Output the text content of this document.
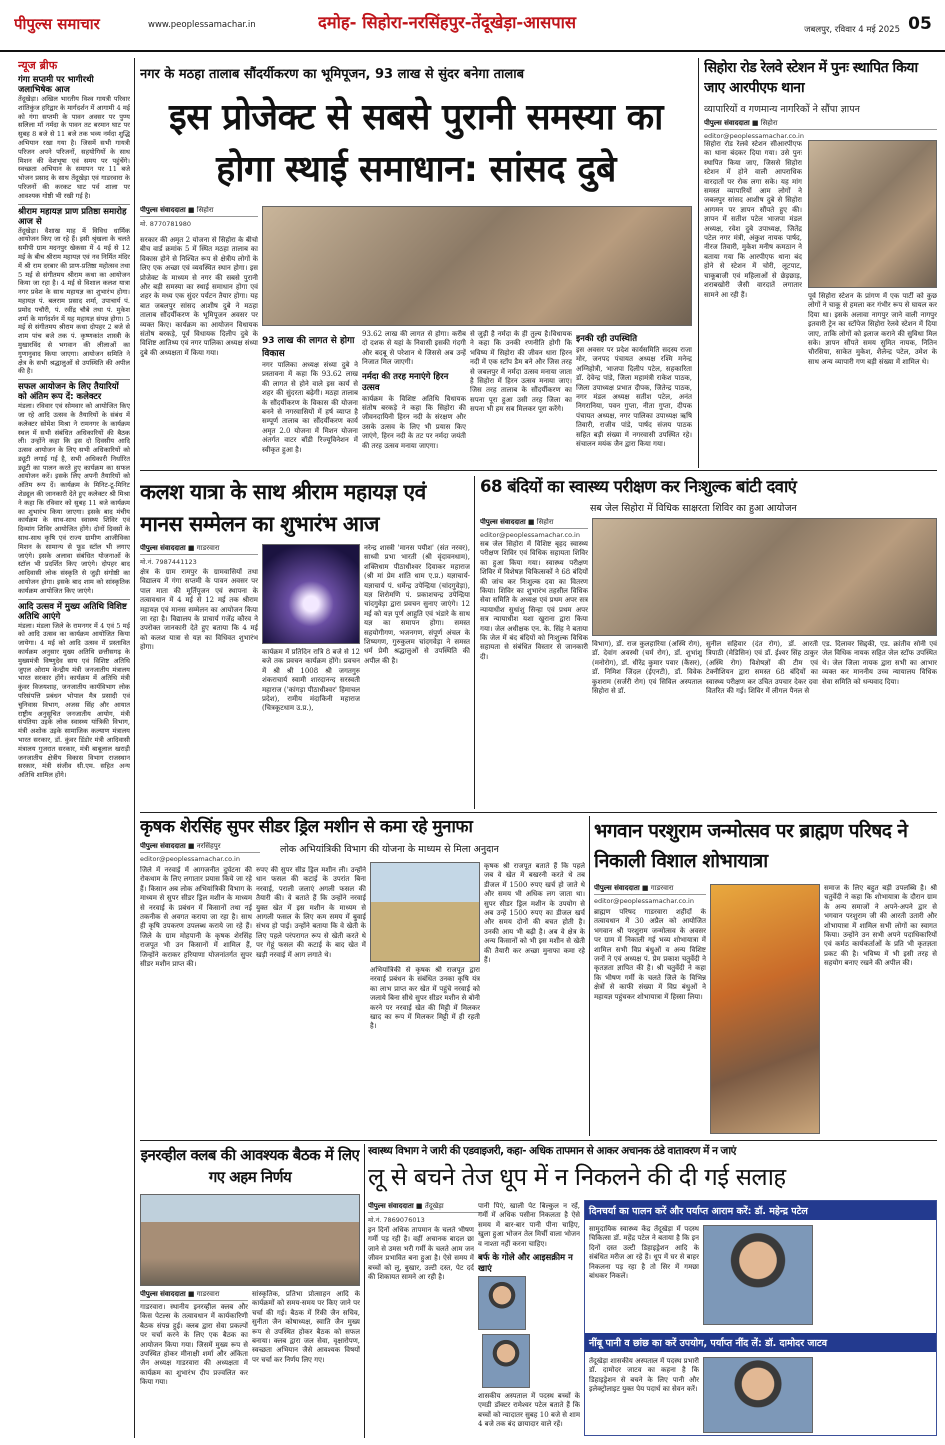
पीपुल्स समाचार	www.peoplessamachar.in	दमोह- सिहोरा-नरसिंहपुर-तेंदूखेड़ा-आसपास	जबलपुर, रविवार 4 मई 2025 05
न्यूज ब्रीफ
गंगा सप्तमी पर भागीरथी जलाभिषेक आज
तेंदूखेड़ा। अखिल भारतीय विश्व गायत्री परिवार शांतिकुंज हरिद्वार के मार्गदर्शन में आगामी 4 मई को गंगा सप्तमी के पावन अवसर पर पुण्य सलिला माँ नर्मदा के पावन तट बरमान घाट पर सुबह 8 बजे से 11 बजे तक भव्य नर्मदा शुद्धि अभियान रखा गया है। जिसमें सभी गायत्री परिजन अपने परिजनों, सहयोगियों के साथ मिशन की वेशभूषा एवं समय पर पहुंचेंगे। स्वच्छता अभियान के समापन पर 11 बजे भोजन प्रसाद के साथ तेंदूखेड़ा एवं गाडरवारा के परिजनों की करकट घाट पर्व शाला पर आवश्यक गोष्ठी भी रखी गई है।
श्रीराम महायज्ञ प्राण प्रतिष्ठा समारोह आज से
तेंदूखेड़ा। वैशाख माह में विविध धार्मिक आयोजन किए जा रहे हैं। इसी श्रृंखला के चलते समीपी ग्राम मदनपुर खेकसा में 4 मई से 12 मई के बीच श्रीराम महायज्ञ एवं नव निर्मित मंदिर में श्री राम दरबार की प्राण-प्रतिष्ठा महोत्सव तथा 5 मई से संगीतमय श्रीराम कथा का आयोजन किया जा रहा है। 4 मई से विशाल कलश यात्रा नगर प्रवेश के साथ महायज्ञ का शुभारंभ होगा। महायज्ञ पं. बलराम प्रसाद शर्मा, उपाचार्य पं. प्रमोद पचौरी, पं. रवींद्र चौबे तथा पं. मुकेश शर्मा के मार्गदर्शन में यह महायज्ञ संपन्न होगा। 5 मई से संगीतमय श्रीराम कथा दोपहर 2 बजे से शाम पांच बजे तक पं. कृष्णकांत शास्त्री के मुखारविंद से भगवान की लीलाओं का गुणानुवाद किया जाएगा। आयोजन समिति ने क्षेत्र के सभी श्रद्धालुओं से उपस्थिति की अपील की है।
सफल आयोजन के लिए तैयारियों को अंतिम रूप दें: कलेक्टर
मंडला। रविवार एवं सोमवार को आयोजित किए जा रहे आदि उत्सव के तैयारियों के संबंध में कलेक्टर सोमेश मिश्रा ने रामनगर के कार्यक्रम स्थल में सभी संबंधित अधिकारियों की बैठक ली। उन्होंने कहा कि इस दो दिवसीय आदि उत्सव आयोजन के लिए सभी अधिकारियों को ड्यूटी लगाई गई है, सभी अधिकारी निर्धारित ड्यूटी का पालन करते हुए कार्यक्रम का सफल आयोजन करें। इसके लिए अपनी तैयारियों को अंतिम रूप दें। कार्यक्रम के मिनिट-टू-मिनिट शेड्यूल की जानकारी देते हुए कलेक्टर श्री मिश्रा ने कहा कि रविवार को सुबह 11 बजे कार्यक्रम का शुभारंभ किया जाएगा। इसके बाद मंचीय कार्यक्रम के साथ-साथ स्वास्थ्य शिविर एवं दिव्यांग शिविर आयोजित होंगे। दोनों दिवसों के साथ-साथ कृषि एवं राज्य ग्रामीण आजीविका मिशन के सामान्य से फूड स्टॉल भी लगाए जाएंगे। इसके अलावा संबंधित योजनाओं के स्टॉल भी प्रदर्शित किए जाएंगे। दोपहर बाद आदिवासी लोक संस्कृति से जुड़ी संगोष्ठी का आयोजन होगा। इसके बाद शाम को सांस्कृतिक कार्यक्रम आयोजित किए जाएंगे।
आदि उत्सव में मुख्य अतिथि विशिष्ट अतिथि आएंगे
मंडला। मंडला जिले के रामनगर में 4 एवं 5 मई को आदि उत्सव का कार्यक्रम आयोजित किया जायेगा। 4 मई को आदि उत्सव में प्रस्तावित कार्यक्रम अनुसार मुख्य अतिथि छत्तीसगढ़ के मुख्यमंत्री विष्णुदेव साय एवं विशिष्ट अतिथि जुएल ओराम केन्द्रीय मंत्री जनजातीय मंत्रालय भारत सरकार होंगे। कार्यक्रम में अतिथि मंत्री कुंवर विजयशाह, जनजातीय कार्यविभाग लोक परिसंपत्ति प्रबंधन भोपाल मैत्र प्रसादी एवं चुनिवास विभाग, अजस सिंह और आयात राष्ट्रीय अनुसूचित जनजातीय आयोग, मंत्री संपतिया उइके लोक स्वास्थ्य यांत्रिकी विभाग, मंत्री अशोक उइके सामाजिक कल्याण मंत्रालय भारत सरकार, डॉ. कुंवर डिंडोर मंत्री आदिवासी मंत्रालय गुजरात सरकार, मंत्री बाबूलाल खराड़ी जनजातीय क्षेत्रीय विकास विभाग राजस्थान सरकार, मंत्री संजीव सी.एम. सहित अन्य अतिथि शामिल होंगे।
नगर के मठहा तालाब सौंदर्यीकरण का भूमिपूजन, 93 लाख से सुंदर बनेगा तालाब
इस प्रोजेक्ट से सबसे पुरानी समस्या का होगा स्थाई समाधान: सांसद दुबे
पीपुल्स संवाददाता ■ सिहोरा
मो. 8770781980
सरकार की अमृत 2 योजना से सिहोरा के बीचो बीच वार्ड क्रमांक 5 में स्थित मठहा तालाब का विकास होने से निश्चित रूप से क्षेत्रीय लोगों के लिए एक अच्छा एवं व्यवस्थित स्थान होगा। इस प्रोजेक्ट के माध्यम से नगर की सबसे पुरानी और बड़ी समस्या का स्थाई समाधान होगा एवं शहर के मध्य एक सुंदर पर्यटन तैयार होगा। यह बात जबलपुर सांसद आशीष दुबे ने मठहा तालाब सौंदर्यीकरण के भूमिपूजन अवसर पर व्यक्त किए। कार्यक्रम का आयोजन विधायक संतोष बरकड़े, पूर्व विधायक दिलीप दुबे के विशिष्ट आतिथ्य एवं नगर पालिका अध्यक्ष संध्या दुबे की अध्यक्षता में किया गया।
93 लाख की लागत से होगा विकास
नगर पालिका अध्यक्ष संध्या दुबे ने प्रस्तावना में कहा कि 93.62 लाख की लागत से होने वाले इस कार्य से शहर की सुंदरता बढ़ेगी। मठहा तालाब के सौंदर्यीकरण के विकास की योजना बनने से नगरवासियों में हर्ष व्याप्त है सम्पूर्ण तालाब का सौंदर्यीकरण कार्य अमृत 2.0 योजना में मिशन योजना अंतर्गत वाटर बॉडी रिज्यूविनेशन में स्वीकृत हुआ है।
93.62 लाख की लागत से होगा। करीब दो दशक से यहां के निवासी इसकी गंदगी और बदबू से परेशान थे जिससे अब उन्हें निजात मिल जाएगी।
नर्मदा की तरह मनाएंगे हिरन उत्सव
कार्यक्रम के विशिष्ट अतिथि विधायक संतोष बरकड़े ने कहा कि सिहोरा की जीवनदायिनी हिरन नदी के संरक्षण और उसके उत्सव के लिए भी प्रयास किए जाएंगे, हिरन नदी के तट पर नर्मदा जयंती की तरह उत्सव मनाया जाएगा।
से जुड़ी है नर्मदा के ही तुल्य है।विधायक ने कहा कि उनकी रणनीति होगी कि भविष्य में सिहोरा की जीवन धारा हिरन नदी में एक स्टॉप डैम बने और जिस तरह से जबलपुर में नर्मदा उत्सव मनाया जाता है सिहोरा में हिरन उत्सव मनाया जाए। जिस तरह तालाब के सौंदर्यीकरण का सपना पूरा हुआ उसी तरह जिला का सपना भी हम सब मिलकर पूरा करेंगे।
इनकी रही उपस्थिति
इस अवसर पर प्रदेश कार्यसमिति सदस्य राजा मोर, जनपद पंचायत अध्यक्ष रश्मि मनेन्द्र अग्निहोत्री, भाजपा दिलीप पटेल, सहकारिता डॉ. देवेन्द्र पांडे, जिला महामंत्री राकेश पाठक, जिला उपाध्यक्ष प्रभात दीपक, जितेन्द्र पाठक, नगर मंडल अध्यक्ष सतीश पटेल, अनंत निगरानिया, पवन गुप्ता, नीता गुप्ता, दीपक पंचायत अध्यक्ष, नगर पालिका उपाध्यक्ष ऋषि तिवारी, राजीव पांडे, पार्षद संजय पाठक सहित बड़ी संख्या में नगरवासी उपस्थित रहे। संचालन मयंक जैन द्वारा किया गया।
सिहोरा रोड रेलवे स्टेशन में पुनः स्थापित किया जाए आरपीएफ थाना
व्यापारियों व गणमान्य नागरिकों ने सौंपा ज्ञापन
पीपुल्स संवाददाता ■ सिहोरा
editor@peoplessamachar.co.in
सिहोरा रोड रेलवे स्टेशन सीआरपीएफ का थाना बंदकर दिया गया। उसे पुनः स्थापित किया जाए, जिससे सिहोरा स्टेशन में होने वाली आपराधिक वारदातों पर रोक लगा सके। यह मांग समस्त व्यापारियों आम लोगों ने जबलपुर सांसद आशीष दुबे से सिहोरा आगमन पर ज्ञापन सौंपते हुए की। ज्ञापन में सतीश पटेल भाजपा मंडल अध्यक्ष, रवेश दुबे उपाध्यक्ष, जितेंद्र पटेल नगर मंत्री, अंकुश नायक पार्षद, नीरज तिवारी, मुकेश मनीष कमठान ने बताया गया कि आरपीएफ थाना बंद होने से स्टेशन में चोरी, लूटपाट, चाकूबाजी एवं महिलाओं से छेड़छाड़, शराबखोरी जैसी वारदातें लगातार सामने आ रही हैं।	पूर्व सिहोरा स्टेशन के प्रांगण में एक पार्टी को कुछ लोगों ने चाकू से हमला कर गंभीर रूप से घायल कर दिया था। इसके अलावा नागपुर जाने वाली नागपुर इतवारी ट्रेन का स्टॉपेज सिहोरा रेलवे स्टेशन में दिया जाए, ताकि लोगों को इलाज कराने की सुविधा मिल सके। ज्ञापन सौंपते समय सुमित नायक, नितिन चौरसिया, साकेत मुकेश, शैलेन्द्र पटेल, उमेश के साथ अन्य व्यापारी गण बड़ी संख्या में शामिल थे।
कलश यात्रा के साथ श्रीराम महायज्ञ एवं मानस सम्मेलन का शुभारंभ आज
पीपुल्स संवाददाता ■ गाडरवारा
मो.नं. 7987441123
क्षेत्र के ग्राम रामपुर के ग्रामवासियों तथा विद्यालय में गंगा सप्तमी के पावन अवसर पर पाल माता की मूर्तिपूजन एवं स्थापना के तत्वावधान में 4 मई से 12 मई तक श्रीराम महायज्ञ एवं मानस सम्मेलन का आयोजन किया जा रहा है। विद्यालय के प्राचार्य गजेंद्र कौरव ने उपरोक्त जानकारी देते हुए बताया कि 4 मई को कलश यात्रा से यज्ञ का विधिवत शुभारंभ होगा।
कार्यक्रम में प्रतिदिन रात्रि 8 बजे से 12 बजे तक प्रवचन कार्यक्रम होंगे। प्रवचन में श्री श्री 1008 श्री जगतगुरु शंकराचार्य स्वामी शारदानन्द सरस्वती महाराज ('कांगड़ा पीठाधीश्वर' हिमाचल प्रदेश), रामीय मंदाकिनी महाराज (चित्रकूटधाम उ.प्र.),
नरेन्द्र शास्त्री 'मानस पयीश' (संत नरवर), साध्वी प्रभा भारती (श्री वृंदावनधाम), शक्तिधाम पीठाधीश्वर दिवाकर महाराज (श्री मां प्रेम शांति धाम ए.प्र.) यज्ञाचार्य-यज्ञाचार्य पं. धर्मेन्द्र उपेन्द्रिया (चांदगुवेड़ा), यज्ञ शिरोमणि पं. प्रकाशचन्द्र उपेन्द्रिया चांदगुवेड़ा द्वारा प्रवचन सुनाए जाएंगे। 12 मई को यज्ञ पूर्ण आहुति एवं भंडारे के साथ यज्ञ का समापन होगा। समस्त सहयोगीगण, भजनगण, संपूर्ण अंचल के शिष्यगण, गुरुकुलम चांदगवेड़ा ने समस्त धर्म प्रेमी श्रद्धालुओं से उपस्थिति की अपील की है।
68 बंदियों का स्वास्थ्य परीक्षण कर निःशुल्क बांटी दवाएं
सब जेल सिहोरा में विधिक साक्षरता शिविर का हुआ आयोजन
पीपुल्स संवाददाता ■ सिहोरा
editor@peoplessamachar.co.in
सब जेल सिहोरा में विशिष्ट बृहद स्वास्थ्य परीक्षण शिविर एवं विधिक सहायता शिविर का हुआ किया गया। स्वास्थ्य परीक्षण शिविर में विशेषज्ञ चिकित्सकों ने 68 बंदियों की जांच कर निःशुल्क दवा का वितरण किया। शिविर का शुभारंभ तहसील विधिक सेवा समिति के अध्यक्ष एवं प्रथम अपर सत्र न्यायाधीश सुधांशु सिन्हा एवं प्रथम अपर सत्र न्यायाधीश यशा खुराना द्वारा किया गया। जेल अधीक्षक एन. के. सिंह ने बताया कि जेल में बंद बंदियों को निःशुल्क विधिक सहायता से संबंधित विस्तार से जानकारी दी।
विभाग), डॉ. राज कुलहारिया (अस्थि रोग), डॉ. देवांग अवस्थी (चर्म रोग), डॉ. शुभांशु (मनोरोग), डॉ. धीरेंद्र कुमार पवार (कैंसर), डॉ. निमिश जिंदल (ईएनटी), डॉ. विवेक कुशराम (सर्जरी रोग) एवं सिविल अस्पताल सिहोरा से डॉ.
सुनील सहिवार (दंत रोग), डॉ. आरती त्रिपाठी (मेडिसिन) एवं डॉ. ईश्वर सिंह ठाकुर (अस्थि रोग) विशेषज्ञों की टीम एवं टेक्नीशियन द्वारा समस्त 68 बंदियों का स्वास्थ्य परीक्षण कर उचित उपचार देकर दवा वितरित की गई। शिविर में लीगल पैनल से
एड. दिलावर सिद्दकी, एड. क्रांतीव सोनी एवं जेल विधिक नायक सहित जेल स्टॉफ उपस्थित थे। जेल जिला नायक द्वारा सभी का आभार व्यक्त कर माननीय उच्च न्यायालय विधिक सेवा समिति को धन्यवाद दिया।
कृषक शेरसिंह सुपर सीडर ड्रिल मशीन से कमा रहे मुनाफा
पीपुल्स संवाददाता ■ नरसिंहपुर
editor@peoplessamachar.co.in
लोक अभियांत्रिकी विभाग की योजना के माध्यम से मिला अनुदान
जिले में नरवाई में आगजनीत दुर्घटना की रोकथाम के लिए लगातार प्रयास किये जा रहे हैं। किसान अब लोक अभियांत्रिकी विभाग के माध्यम से सुपर सीडर ड्रिल मशीन के माध्यम से नरवाई के प्रबंधन में किसानों तथा नई तकनीक से अवगत कराया जा रहा है। साथ ही कृषि उपकरण उपलब्ध कराये जा रहे हैं। जिले के ग्राम मोहपानी के कृषक शेरसिंह राजपूत भी उन किसानों में शामिल हैं, जिन्होंने कराकर हरियाणा योजनांतर्गत सुपर सीडर मशीन प्राप्त की।
रुपए की सुपर सीड ड्रिल मशीन ली। उन्होंने धान फसल की कटाई के उपरांत बिना नरवाई, पराली जलाएं अगली फसल की तैयारी की। वे बताते हैं कि उन्होंने नरवाई युक्त खेत में इस मशीन के माध्यम से आगली फसल के लिए कम समय में बुवाई संभव हो पाई। उन्होंने बताया कि वे खेती के लिए पहले परंपरागत रूप से खेती करते थे पर गेहूं फसल की कटाई के बाद खेत में खड़ी नरवाई में आग लगाते थे।
अभियांत्रिकी से कृषक श्री राजपूत द्वारा नरवाई प्रबंधन के संबंधित उनका कृषि यंत्र का लाभ प्राप्त कर खेत में पहुंचे नरवाई को जलाये बिना सीधे सुपर सीडर मशीन से बोनी करने पर नरवाई खेत की मिट्टी में मिलकर खाद का रूप में मिलकर मिट्टी में ही रहती है।
कृषक श्री राजपूत बताते हैं कि पहले जब वे खेत में बखरनी करते थे तब डीजल में 1500 रुपए खर्च हो जाते थे और समय भी अधिक लग जाता था। सुपर सीडर ड्रिल मशीन के उपयोग से अब उन्हें 1500 रुपए का डीजल खर्च और समय दोनों की बचत होती है। उनकी आय भी बढ़ी है। अब वे क्षेत्र के अन्य किसानों को भी इस मशीन से खेती की तैयारी कर अच्छा मुनाफा कमा रहे हैं।
भगवान परशुराम जन्मोत्सव पर ब्राह्मण परिषद ने निकाली विशाल शोभायात्रा
पीपुल्स संवाददाता ■ गाडरवारा
editor@peoplessamachar.co.in
ब्राह्मण परिषद गाडरवारा शहीदों के तत्वावधान में 30 अप्रैल को आयोजित भगवान श्री परशुराम जन्मोत्सव के अवसर पर ग्राम में निकाली गई भव्य शोभायात्रा में शामिल सभी विप्र बंधुओं व अन्य विशिष्ट जनों ने एवं अध्यक्ष पं. प्रेम प्रकाश चतुर्वेदी ने कृतज्ञता ज्ञापित की है। श्री चतुर्वेदी ने कहा कि भीषण गर्मी के चलते जिले के विभिन्न क्षेत्रों से काफी संख्या में विप्र बंधुओं ने महायज्ञ पहुंचकर शोभायात्रा में हिस्सा लिया।
समाज के लिए बहुत बड़ी उपलब्धि है। श्री चतुर्वेदी ने कहा कि शोभायात्रा के दौरान ग्राम के अन्य समाजों ने अपने-अपने द्वार से भगवान परशुराम जी की आरती उतारी और शोभायात्रा में शामिल सभी लोगों का स्वागत किया। उन्होंने उन सभी अपने पदाधिकारियों एवं कर्मठ कार्यकर्ताओं के प्रति भी कृतज्ञता प्रकट की है। भविष्य में भी इसी तरह से सहयोग बनाए रखने की अपील की।
इनरव्हील क्लब की आवश्यक बैठक में लिए गए अहम निर्णय
पीपुल्स संवाददाता ■ गाडरवारा
गाडरवारा। स्थानीय इनरव्हील क्लब और किस पेटल्स के तत्वावधान में कार्यकारिणी बैठक संपन्न हुई। क्लब द्वारा सेवा प्रकल्पों पर चर्चा करने के लिए एक बैठक का आयोजन किया गया। जिसमें मुख्य रूप से उपस्थित होकर मीनाक्षी शर्मा और अंकिता जैन अध्यक्ष गाडरवारा की अध्यक्षता में कार्यक्रम का शुभारंभ दीप प्रज्वलित कर किया गया।
सांस्कृतिक, प्रतिभा प्रोत्साहन आदि के कार्यक्रमों को समय-समय पर किए जाने पर चर्चा की गई। बैठक में रिंकी जैन सचिव, सुनीता जैन कोषाध्यक्ष, स्वाति जैन मुख्य रूप से उपस्थित होकर बैठक को सफल बनाया। क्लब द्वारा जल सेवा, वृक्षारोपण, स्वच्छता अभियान जैसे आवश्यक विषयों पर चर्चा कर निर्णय लिए गए।
स्वास्थ्य विभाग ने जारी की एडवाइजरी, कहा- अधिक तापमान से आकर अचानक ठंडे वातावरण में न जाएं
लू से बचने तेज धूप में न निकलने की दी गई सलाह
पीपुल्स संवाददाता ■ तेंदूखेड़ा
मो.नं. 7869076013
इन दिनों अधिक तापमान के चलते भीषण गर्मी पड़ रही है। वहीं अचानक बादल छा जाने से उमस भरी गर्मी के चलते आम जन जीवन प्रभावित बना हुआ है। ऐसे समय में बच्चों को लू, बुखार, उल्टी दस्त, पेट दर्द की शिकायत सामने आ रही है।
पानी पिएं, खाली पेट बिल्कुल न रहें, गर्मी में अधिक पसीना निकलता है ऐसे समय में बार-बार पानी पीना चाहिए, खुला हुआ भोजन तेल मिर्ची वाला भोजन व नाश्ता नहीं करना चाहिए।
बर्फ के गोले और आइसक्रीम न खाएं

शासकीय अस्पताल में पदस्थ बच्चों के एमडी डॉक्टर रामेश्वर पटेल बताते हैं कि बच्चों को न्यादातर सुबह 10 बजे से शाम 4 बजे तक बंद छायादार वाले रहें।
दिनचर्या का पालन करें और पर्याप्त आराम करें: डॉ. महेन्द्र पटेल
सामुदायिक स्वास्थ्य केंद्र तेंदूखेड़ा में पदस्थ चिकित्सा डॉ. महेंद्र पटेल ने बताया है कि इन दिनों दस्त उल्टी डिहाइड्रेशन आदि के संबंधित मरीज आ रहे हैं। धूप में घर से बाहर निकलना पड़ रहा है तो सिर में गमछा बांधकर निकलें।
नींबू पानी व छांछ का करें उपयोग, पर्याप्त नींद लें: डॉ. दामोदर जाटव
तेंदूखेड़ा शासकीय अस्पताल में पदस्थ प्रभारी डॉ. दामोदर जाटव का कहना है कि डिहाइड्रेशन से बचने के लिए पानी और इलेक्ट्रोलाइट युक्त पेय पदार्थ का सेवन करें।
